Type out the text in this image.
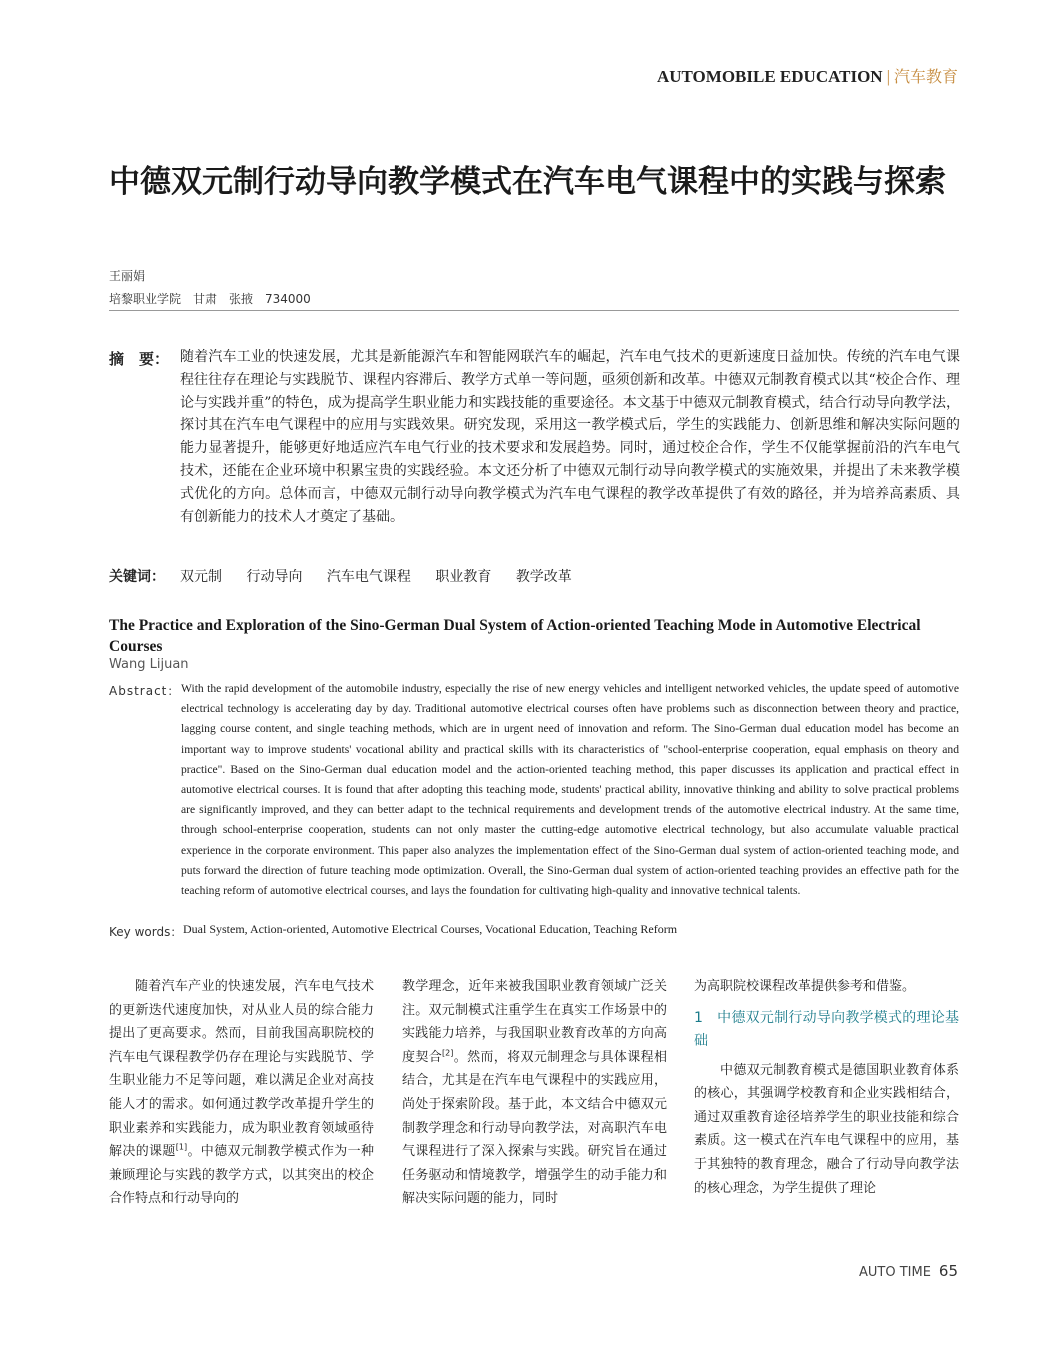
AUTOMOBILE EDUCATION | 汽车教育
中德双元制行动导向教学模式在汽车电气课程中的实践与探索
王丽娟
培黎职业学院　甘肃　张掖　734000
摘　要： 随着汽车工业的快速发展，尤其是新能源汽车和智能网联汽车的崛起，汽车电气技术的更新速度日益加快。传统的汽车电气课程往往存在理论与实践脱节、课程内容滞后、教学方式单一等问题，亟须创新和改革。中德双元制教育模式以其“校企合作、理论与实践并重”的特色，成为提高学生职业能力和实践技能的重要途径。本文基于中德双元制教育模式，结合行动导向教学法，探讨其在汽车电气课程中的应用与实践效果。研究发现，采用这一教学模式后，学生的实践能力、创新思维和解决实际问题的能力显著提升，能够更好地适应汽车电气行业的技术要求和发展趋势。同时，通过校企合作，学生不仅能掌握前沿的汽车电气技术，还能在企业环境中积累宝贵的实践经验。本文还分析了中德双元制行动导向教学模式的实施效果，并提出了未来教学模式优化的方向。总体而言，中德双元制行动导向教学模式为汽车电气课程的教学改革提供了有效的路径，并为培养高素质、具有创新能力的技术人才奠定了基础。
关键词： 双元制 行动导向 汽车电气课程 职业教育 教学改革
The Practice and Exploration of the Sino-German Dual System of Action-oriented Teaching Mode in Automotive Electrical Courses
Wang Lijuan
Abstract： With the rapid development of the automobile industry, especially the rise of new energy vehicles and intelligent networked vehicles, the update speed of automotive electrical technology is accelerating day by day. Traditional automotive electrical courses often have problems such as disconnection between theory and practice, lagging course content, and single teaching methods, which are in urgent need of innovation and reform. The Sino-German dual education model has become an important way to improve students' vocational ability and practical skills with its characteristics of "school-enterprise cooperation, equal emphasis on theory and practice". Based on the Sino-German dual education model and the action-oriented teaching method, this paper discusses its application and practical effect in automotive electrical courses. It is found that after adopting this teaching mode, students' practical ability, innovative thinking and ability to solve practical problems are significantly improved, and they can better adapt to the technical requirements and development trends of the automotive electrical industry. At the same time, through school-enterprise cooperation, students can not only master the cutting-edge automotive electrical technology, but also accumulate valuable practical experience in the corporate environment. This paper also analyzes the implementation effect of the Sino-German dual system of action-oriented teaching mode, and puts forward the direction of future teaching mode optimization. Overall, the Sino-German dual system of action-oriented teaching provides an effective path for the teaching reform of automotive electrical courses, and lays the foundation for cultivating high-quality and innovative technical talents.
Key words： Dual System, Action-oriented, Automotive Electrical Courses, Vocational Education, Teaching Reform

随着汽车产业的快速发展，汽车电气技术的更新迭代速度加快，对从业人员的综合能力提出了更高要求。然而，目前我国高职院校的汽车电气课程教学仍存在理论与实践脱节、学生职业能力不足等问题，难以满足企业对高技能人才的需求。如何通过教学改革提升学生的职业素养和实践能力，成为职业教育领域亟待解决的课题[1]。中德双元制教学模式作为一种兼顾理论与实践的教学方式，以其突出的校企合作特点和行动导向的

教学理念，近年来被我国职业教育领域广泛关注。双元制模式注重学生在真实工作场景中的实践能力培养，与我国职业教育改革的方向高度契合[2]。然而，将双元制理念与具体课程相结合，尤其是在汽车电气课程中的实践应用，尚处于探索阶段。基于此，本文结合中德双元制教学理念和行动导向教学法，对高职汽车电气课程进行了深入探索与实践。研究旨在通过任务驱动和情境教学，增强学生的动手能力和解决实际问题的能力，同时

为高职院校课程改革提供参考和借鉴。

1 中德双元制行动导向教学模式的理论基础

中德双元制教育模式是德国职业教育体系的核心，其强调学校教育和企业实践相结合，通过双重教育途径培养学生的职业技能和综合素质。这一模式在汽车电气课程中的应用，基于其独特的教育理念，融合了行动导向教学法的核心理念，为学生提供了理论

AUTO TIME 65
